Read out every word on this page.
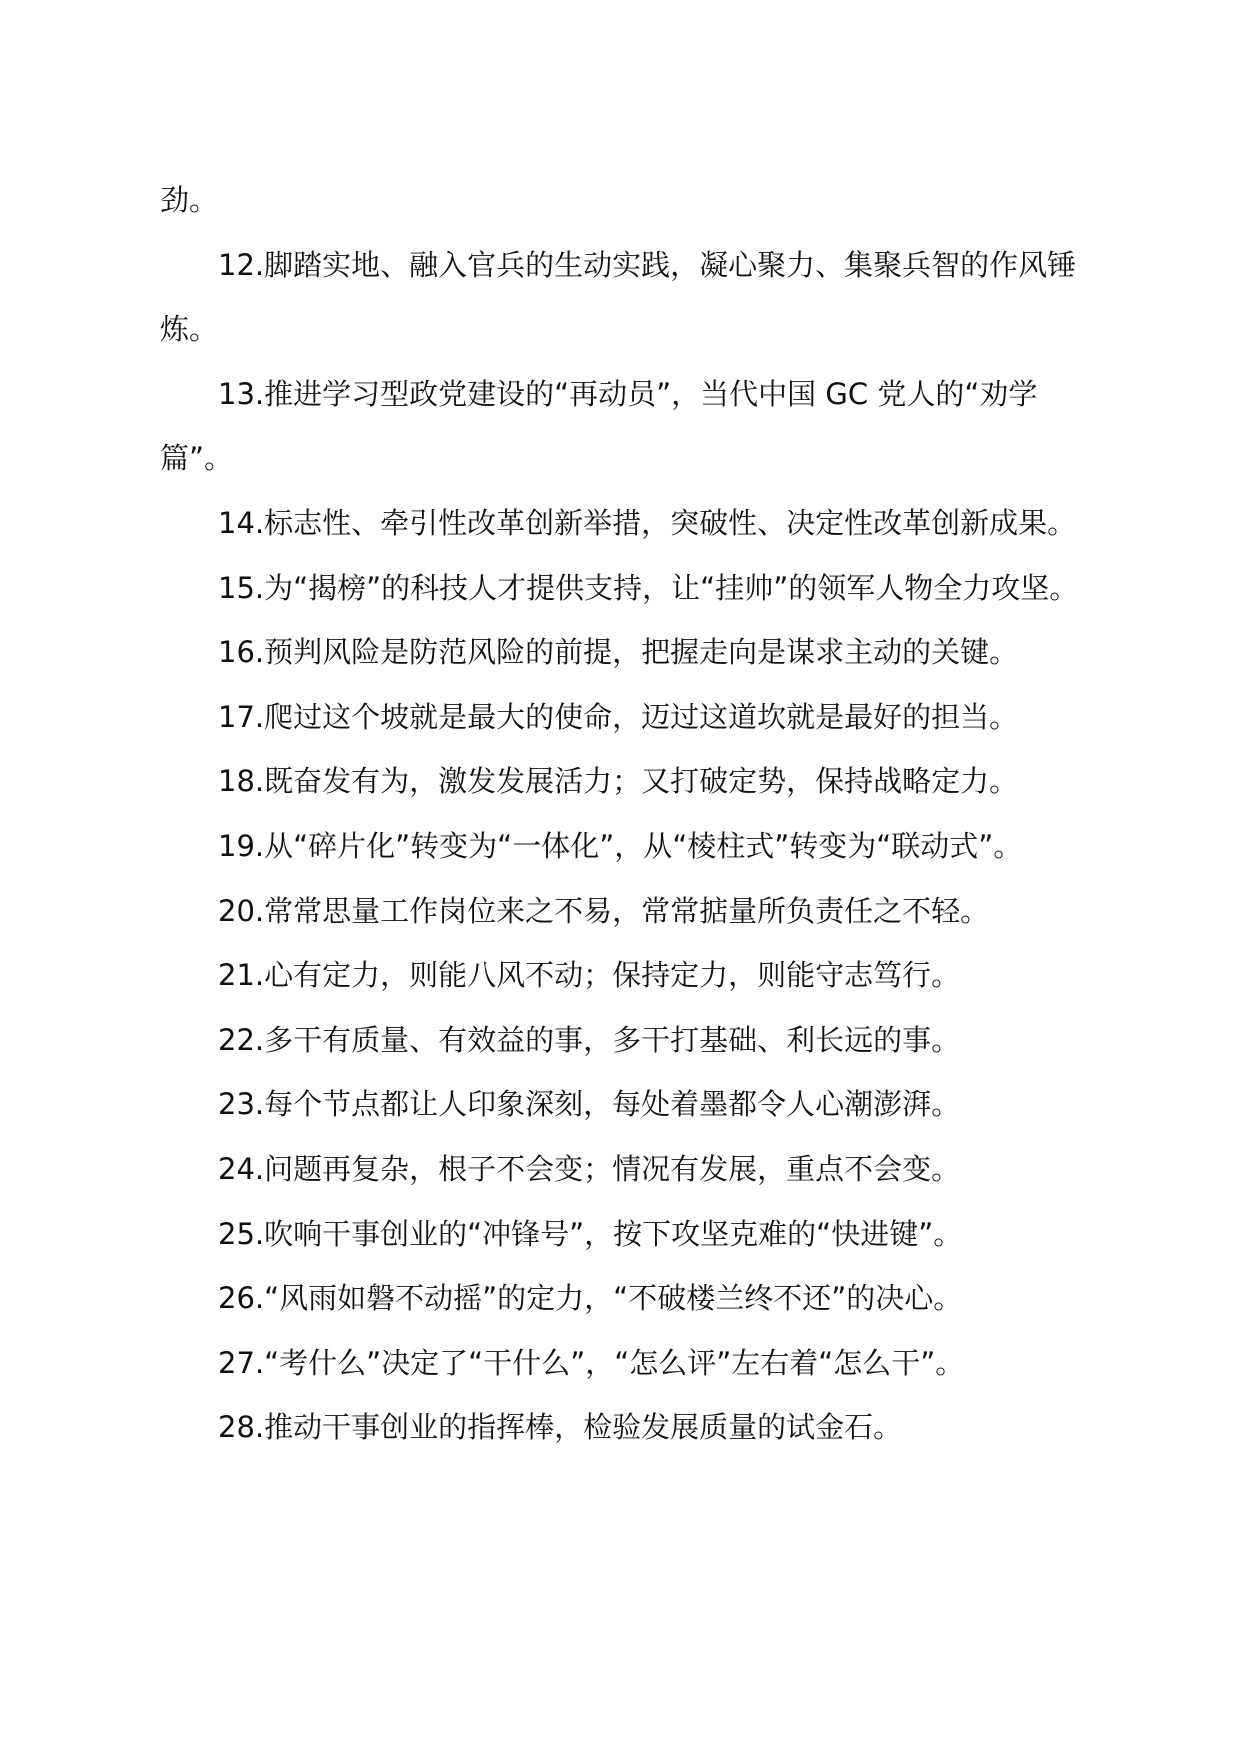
劲。

12.脚踏实地、融入官兵的生动实践，凝心聚力、集聚兵智的作风锤炼。

13.推进学习型政党建设的“再动员”，当代中国 GC 党人的“劝学篇”。

14.标志性、牵引性改革创新举措，突破性、决定性改革创新成果。

15.为“揭榜”的科技人才提供支持，让“挂帅”的领军人物全力攻坚。

16.预判风险是防范风险的前提，把握走向是谋求主动的关键。

17.爬过这个坡就是最大的使命，迈过这道坎就是最好的担当。

18.既奋发有为，激发发展活力；又打破定势，保持战略定力。

19.从“碎片化”转变为“一体化”，从“棱柱式”转变为“联动式”。

20.常常思量工作岗位来之不易，常常掂量所负责任之不轻。

21.心有定力，则能八风不动；保持定力，则能守志笃行。

22.多干有质量、有效益的事，多干打基础、利长远的事。

23.每个节点都让人印象深刻，每处着墨都令人心潮澎湃。

24.问题再复杂，根子不会变；情况有发展，重点不会变。

25.吹响干事创业的“冲锋号”，按下攻坚克难的“快进键”。

26.“风雨如磐不动摇”的定力，“不破楼兰终不还”的决心。

27.“考什么”决定了“干什么”，“怎么评”左右着“怎么干”。

28.推动干事创业的指挥棒，检验发展质量的试金石。
